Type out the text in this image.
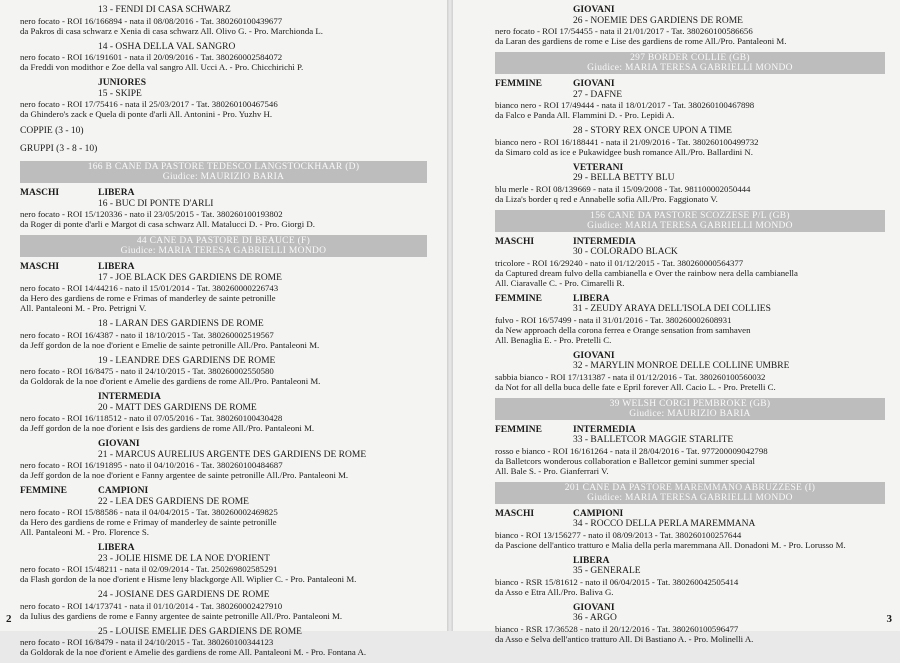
13 - FENDI DI CASA SCHWARZ
nero focato - ROI 16/166894 - nata il 08/08/2016 - Tat. 380260100439677
da Pakros di casa schwarz e Xenia di casa schwarz All. Olivo G. - Pro. Marchionda L.
14 - OSHA DELLA VAL SANGRO
nero focato - ROI 16/191601 - nata il 20/09/2016 - Tat. 380260002584072
da Freddi von modithor e Zoe della val sangro All. Ucci A. - Pro. Chicchirichì P.
JUNIORES
15 - SKIPE
nero focato - ROI 17/75416 - nata il 25/03/2017 - Tat. 380260100467546
da Ghindero's zack e Quela di ponte d'arli All. Antonini - Pro. Yuzhv H.
COPPIE (3 - 10)
GRUPPI (3 - 8 - 10)
166 B CANE DA PASTORE TEDESCO LANGSTOCKHAAR (D)
Giudice: MAURIZIO BARIA
MASCHI	LIBERA
16 - BUC DI PONTE D'ARLI
nero focato - ROI 15/120336 - nato il 23/05/2015 - Tat. 380260100193802
da Roger di ponte d'arli e Margot di casa schwarz All. Matalucci D. - Pro. Giorgi D.
44 CANE DA PASTORE DI BEAUCE (F)
Giudice: MARIA TERESA GABRIELLI MONDO
MASCHI	LIBERA
17 - JOE BLACK DES GARDIENS DE ROME
nero focato - ROI 14/44216 - nato il 15/01/2014 - Tat. 380260000226743
da Hero des gardiens de rome e Frimas of manderley de sainte petronille
All. Pantaleoni M. - Pro. Petrigni V.
18 - LARAN DES GARDIENS DE ROME
nero focato - ROI 16/4387 - nato il 18/10/2015 - Tat. 380260002519567
da Jeff gordon de la noe d'orient e Emelie de sainte petronille All./Pro. Pantaleoni M.
19 - LEANDRE DES GARDIENS DE ROME
nero focato - ROI 16/8475 - nato il 24/10/2015 - Tat. 380260002550580
da Goldorak de la noe d'orient e Amelie des gardiens de rome All./Pro. Pantaleoni M.
INTERMEDIA
20 - MATT DES GARDIENS DE ROME
nero focato - ROI 16/118512 - nato il 07/05/2016 - Tat. 380260100430428
da Jeff gordon de la noe d'orient e Isis des gardiens de rome All./Pro. Pantaleoni M.
GIOVANI
21 - MARCUS AURELIUS ARGENTE DES GARDIENS DE ROME
nero focato - ROI 16/191895 - nato il 04/10/2016 - Tat. 380260100484687
da Jeff gordon de la noe d'orient e Fanny argentee de sainte petronille All./Pro. Pantaleoni M.
FEMMINE	CAMPIONI
22 - LEA DES GARDIENS DE ROME
nero focato - ROI 15/88586 - nata il 04/04/2015 - Tat. 380260002469825
da Hero des gardiens de rome e Frimay of manderley de sainte petronille
All. Pantaleoni M. - Pro. Florence S.
LIBERA
23 - JOLIE HISME DE LA NOE D'ORIENT
nero focato - ROI 15/48211 - nata il 02/09/2014 - Tat. 250269802585291
da Flash gordon de la noe d'orient e Hisme leny blackgorge All. Wiplier C. - Pro. Pantaleoni M.
24 - JOSIANE DES GARDIENS DE ROME
nero focato - ROI 14/173741 - nata il 01/10/2014 - Tat. 380260002427910
da Iulius des gardiens de rome e Fanny argentee de sainte petronille All./Pro. Pantaleoni M.
25 - LOUISE EMELIE DES GARDIENS DE ROME
nero focato - ROI 16/8479 - nata il 24/10/2015 - Tat. 380260100344123
da Goldorak de la noe d'orient e Amelie des gardiens de rome All. Pantaleoni M. - Pro. Fontana A.
2
GIOVANI
26 - NOEMIE DES GARDIENS DE ROME
nero focato - ROI 17/54455 - nata il 21/01/2017 - Tat. 380260100586656
da Laran des gardiens de rome e Lise des gardiens de rome All./Pro. Pantaleoni M.
297 BORDER COLLIE (GB)
Giudice: MARIA TERESA GABRIELLI MONDO
FEMMINE	GIOVANI
27 - DAFNE
bianco nero - ROI 17/49444 - nata il 18/01/2017 - Tat. 380260100467898
da Falco e Panda All. Flammini D. - Pro. Lepidi A.
28 - STORY REX ONCE UPON A TIME
bianco nero - ROI 16/188441 - nata il 21/09/2016 - Tat. 380260100499732
da Simaro cold as ice e Pukawidgee bush romance All./Pro. Ballardini N.
VETERANI
29 - BELLA BETTY BLU
blu merle - ROI 08/139669 - nata il 15/09/2008 - Tat. 981100002050444
da Liza's border q red e Annabelle sofia All./Pro. Faggionato V.
156 CANE DA PASTORE SCOZZESE P/L (GB)
Giudice: MARIA TERESA GABRIELLI MONDO
MASCHI	INTERMEDIA
30 - COLORADO BLACK
tricolore - ROI 16/29240 - nato il 01/12/2015 - Tat. 380260000564377
da Captured dream fulvo della cambianella e Over the rainbow nera della cambianella
All. Ciaravalle C. - Pro. Cimarelli R.
FEMMINE	LIBERA
31 - ZEUDY ARAYA DELL'ISOLA DEI COLLIES
fulvo - ROI 16/57499 - nata il 31/01/2016 - Tat. 380260002608931
da New approach della corona ferrea e Orange sensation from samhaven
All. Benaglia E. - Pro. Pretelli C.
GIOVANI
32 - MARYLIN MONROE DELLE COLLINE UMBRE
sabbia bianco - ROI 17/131387 - nata il 01/12/2016 - Tat. 380260100560032
da Not for all della buca delle fate e Epril forever All. Cacio L. - Pro. Pretelli C.
39 WELSH CORGI PEMBROKE (GB)
Giudice: MAURIZIO BARIA
FEMMINE	INTERMEDIA
33 - BALLETCOR MAGGIE STARLITE
rosso e bianco - ROI 16/161264 - nata il 28/04/2016 - Tat. 977200009042798
da Balletcors wonderous collaboration e Balletcor gemini summer special
All. Bale S. - Pro. Gianferrari V.
201 CANE DA PASTORE MAREMMANO ABRUZZESE (I)
Giudice: MARIA TERESA GABRIELLI MONDO
MASCHI	CAMPIONI
34 - ROCCO DELLA PERLA MAREMMANA
bianco - ROI 13/156277 - nato il 08/09/2013 - Tat. 380260100257644
da Pascione dell'antico tratturo e Malia della perla maremmana All. Donadoni M. - Pro. Lorusso M.
LIBERA
35 - GENERALE
bianco - RSR 15/81612 - nato il 06/04/2015 - Tat. 380260042505414
da Asso e Etra All./Pro. Baliva G.
GIOVANI
36 - ARGO
bianco - RSR 17/36528 - nato il 20/12/2016 - Tat. 380260100596477
da Asso e Selva dell'antico tratturo All. Di Bastiano A. - Pro. Molinelli A.
3
